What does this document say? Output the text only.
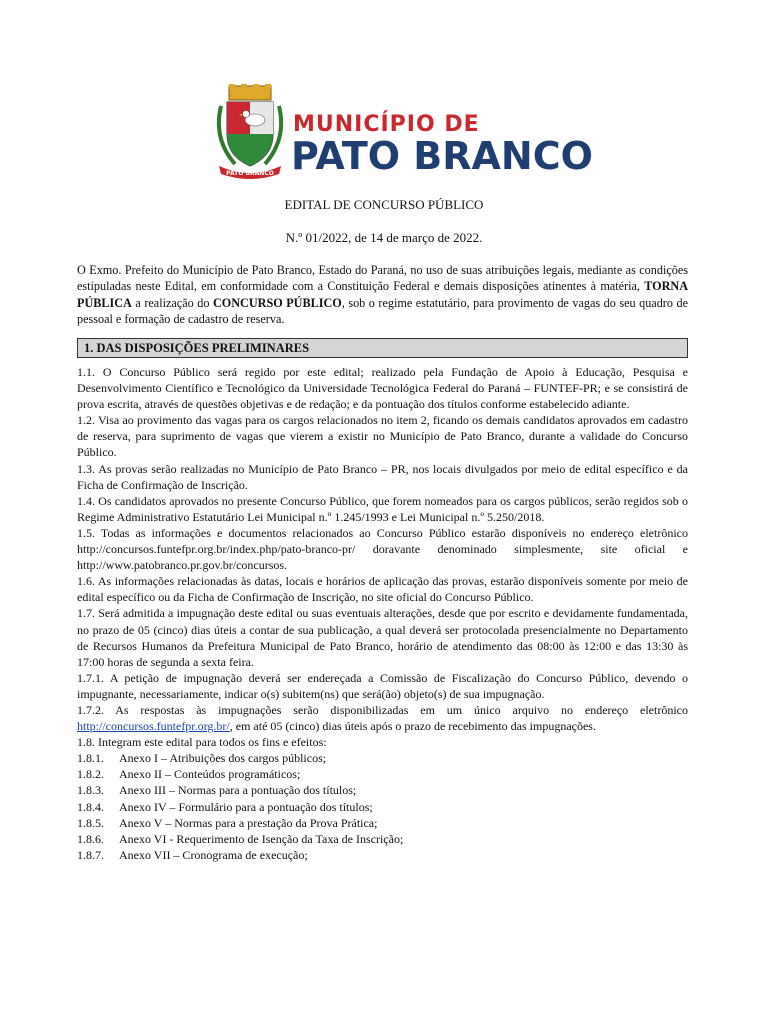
PATO BRANCO
MUNICÍPIO DE
PATO BRANCO
EDITAL DE CONCURSO PÚBLICO
N.º 01/2022, de 14 de março de 2022.
O Exmo. Prefeito do Município de Pato Branco, Estado do Paraná, no uso de suas atribuições legais, mediante as condições estipuladas neste Edital, em conformidade com a Constituição Federal e demais disposições atinentes à matéria, TORNA PÚBLICA a realização do CONCURSO PÚBLICO, sob o regime estatutário, para provimento de vagas do seu quadro de pessoal e formação de cadastro de reserva.
1. DAS DISPOSIÇÕES PRELIMINARES

1.1. O Concurso Público será regido por este edital; realizado pela Fundação de Apoio à Educação, Pesquisa e Desenvolvimento Científico e Tecnológico da Universidade Tecnológica Federal do Paraná – FUNTEF-PR; e se consistirá de prova escrita, através de questões objetivas e de redação; e da pontuação dos títulos conforme estabelecido adiante.

1.2. Visa ao provimento das vagas para os cargos relacionados no item 2, ficando os demais candidatos aprovados em cadastro de reserva, para suprimento de vagas que vierem a existir no Município de Pato Branco, durante a validade do Concurso Público.

1.3. As provas serão realizadas no Município de Pato Branco – PR, nos locais divulgados por meio de edital específico e da Ficha de Confirmação de Inscrição.

1.4. Os candidatos aprovados no presente Concurso Público, que forem nomeados para os cargos públicos, serão regidos sob o Regime Administrativo Estatutário Lei Municipal n.º 1.245/1993 e Lei Municipal n.º 5.250/2018.

1.5. Todas as informações e documentos relacionados ao Concurso Público estarão disponíveis no endereço eletrônico http://concursos.funtefpr.org.br/index.php/pato-branco-pr/ doravante denominado simplesmente, site oficial e http://www.patobranco.pr.gov.br/concursos.

1.6. As informações relacionadas às datas, locais e horários de aplicação das provas, estarão disponíveis somente por meio de edital específico ou da Ficha de Confirmação de Inscrição, no site oficial do Concurso Público.

1.7. Será admitida a impugnação deste edital ou suas eventuais alterações, desde que por escrito e devidamente fundamentada, no prazo de 05 (cinco) dias úteis a contar de sua publicação, a qual deverá ser protocolada presencialmente no Departamento de Recursos Humanos da Prefeitura Municipal de Pato Branco, horário de atendimento das 08:00 às 12:00 e das 13:30 às 17:00 horas de segunda a sexta feira.

1.7.1. A petição de impugnação deverá ser endereçada a Comissão de Fiscalização do Concurso Público, devendo o impugnante, necessariamente, indicar o(s) subitem(ns) que será(ão) objeto(s) de sua impugnação.

1.7.2. As respostas às impugnações serão disponibilizadas em um único arquivo no endereço eletrônico http://concursos.funtefpr.org.br/, em até 05 (cinco) dias úteis após o prazo de recebimento das impugnações.

1.8. Integram este edital para todos os fins e efeitos:

1.8.1. Anexo I – Atribuições dos cargos públicos;

1.8.2. Anexo II – Conteúdos programáticos;

1.8.3. Anexo III – Normas para a pontuação dos títulos;

1.8.4. Anexo IV – Formulário para a pontuação dos títulos;

1.8.5. Anexo V – Normas para a prestação da Prova Prática;

1.8.6. Anexo VI - Requerimento de Isenção da Taxa de Inscrição;

1.8.7. Anexo VII – Cronograma de execução;
